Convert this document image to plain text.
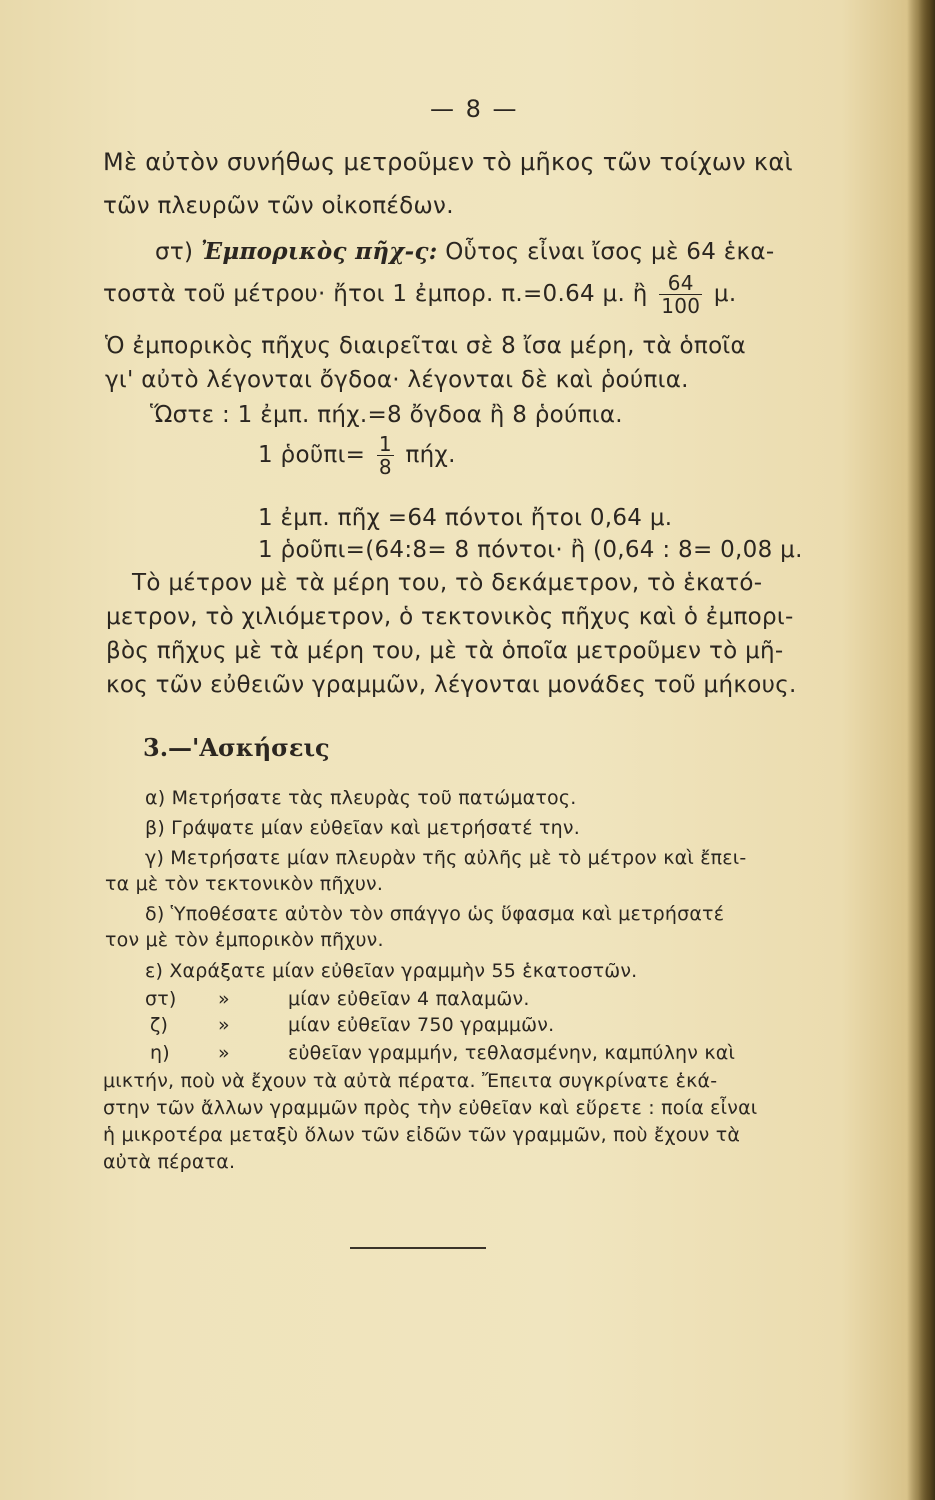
— 8 —
Μὲ αὐτὸν συνήθως μετροῦμεν τὸ μῆκος τῶν τοίχων καὶ
τῶν πλευρῶν τῶν οἰκοπέδων.
στ) Ἐμπορικὸς πῆχ-ς: Οὗτος εἶναι ἴσος μὲ 64 ἑκα-
τοστὰ τοῦ μέτρου· ἤτοι 1 ἐμπορ. π.=0.64 μ. ἢ $\frac{64}{100} \mu$.
Ὁ ἐμπορικὸς πῆχυς διαιρεῖται σὲ 8 ἴσα μέρη, τὰ ὁποῖα
γι' αὐτὸ λέγονται ὄγδοα· λέγονται δὲ καὶ ῥούπια.
Ὥστε : 1 ἐμπ. πήχ.=8 ὄγδοα ἢ 8 ῥούπια.
1 ῥοῦπι= $\frac{1}{8} \pi ή\chi$.
1 ἐμπ. πῆχ =64 πόντοι ἤτοι 0,64 μ.
1 ῥοῦπι=(64:8= 8 πόντοι· ἢ (0,64 : 8= 0,08 μ.
Τὸ μέτρον μὲ τὰ μέρη του, τὸ δεκάμετρον, τὸ ἑκατό-
μετρον, τὸ χιλιόμετρον, ὁ τεκτονικὸς πῆχυς καὶ ὁ ἐμπορι-
βὸς πῆχυς μὲ τὰ μέρη του, μὲ τὰ ὁποῖα μετροῦμεν τὸ μῆ-
κος τῶν εὐθειῶν γραμμῶν, λέγονται μονάδες τοῦ μήκους.
3.—'Ασκήσεις
α) Μετρήσατε τὰς πλευρὰς τοῦ πατώματος.
β) Γράψατε μίαν εὐθεῖαν καὶ μετρήσατέ την.
γ) Μετρήσατε μίαν πλευρὰν τῆς αὐλῆς μὲ τὸ μέτρον καὶ ἔπει-
τα μὲ τὸν τεκτονικὸν πῆχυν.
δ) Ὑποθέσατε αὐτὸν τὸν σπάγγο ὡς ὕφασμα καὶ μετρήσατέ
τον μὲ τὸν ἐμπορικὸν πῆχυν.
ε) Χαράξατε μίαν εὐθεῖαν γραμμὴν 55 ἑκατοστῶν.
στ) »	μίαν εὐθεῖαν 4 παλαμῶν.
ζ)	»	μίαν εὐθεῖαν 750 γραμμῶν.
η)	»	εὐθεῖαν γραμμήν, τεθλασμένην, καμπύλην καὶ
μικτήν, ποὺ νὰ ἔχουν τὰ αὐτὰ πέρατα. Ἔπειτα συγκρίνατε ἑκά-
στην τῶν ἄλλων γραμμῶν πρὸς τὴν εὐθεῖαν καὶ εὕρετε : ποία εἶναι
ἡ μικροτέρα μεταξὺ ὅλων τῶν εἰδῶν τῶν γραμμῶν, ποὺ ἔχουν τὰ
αὐτὰ πέρατα.
